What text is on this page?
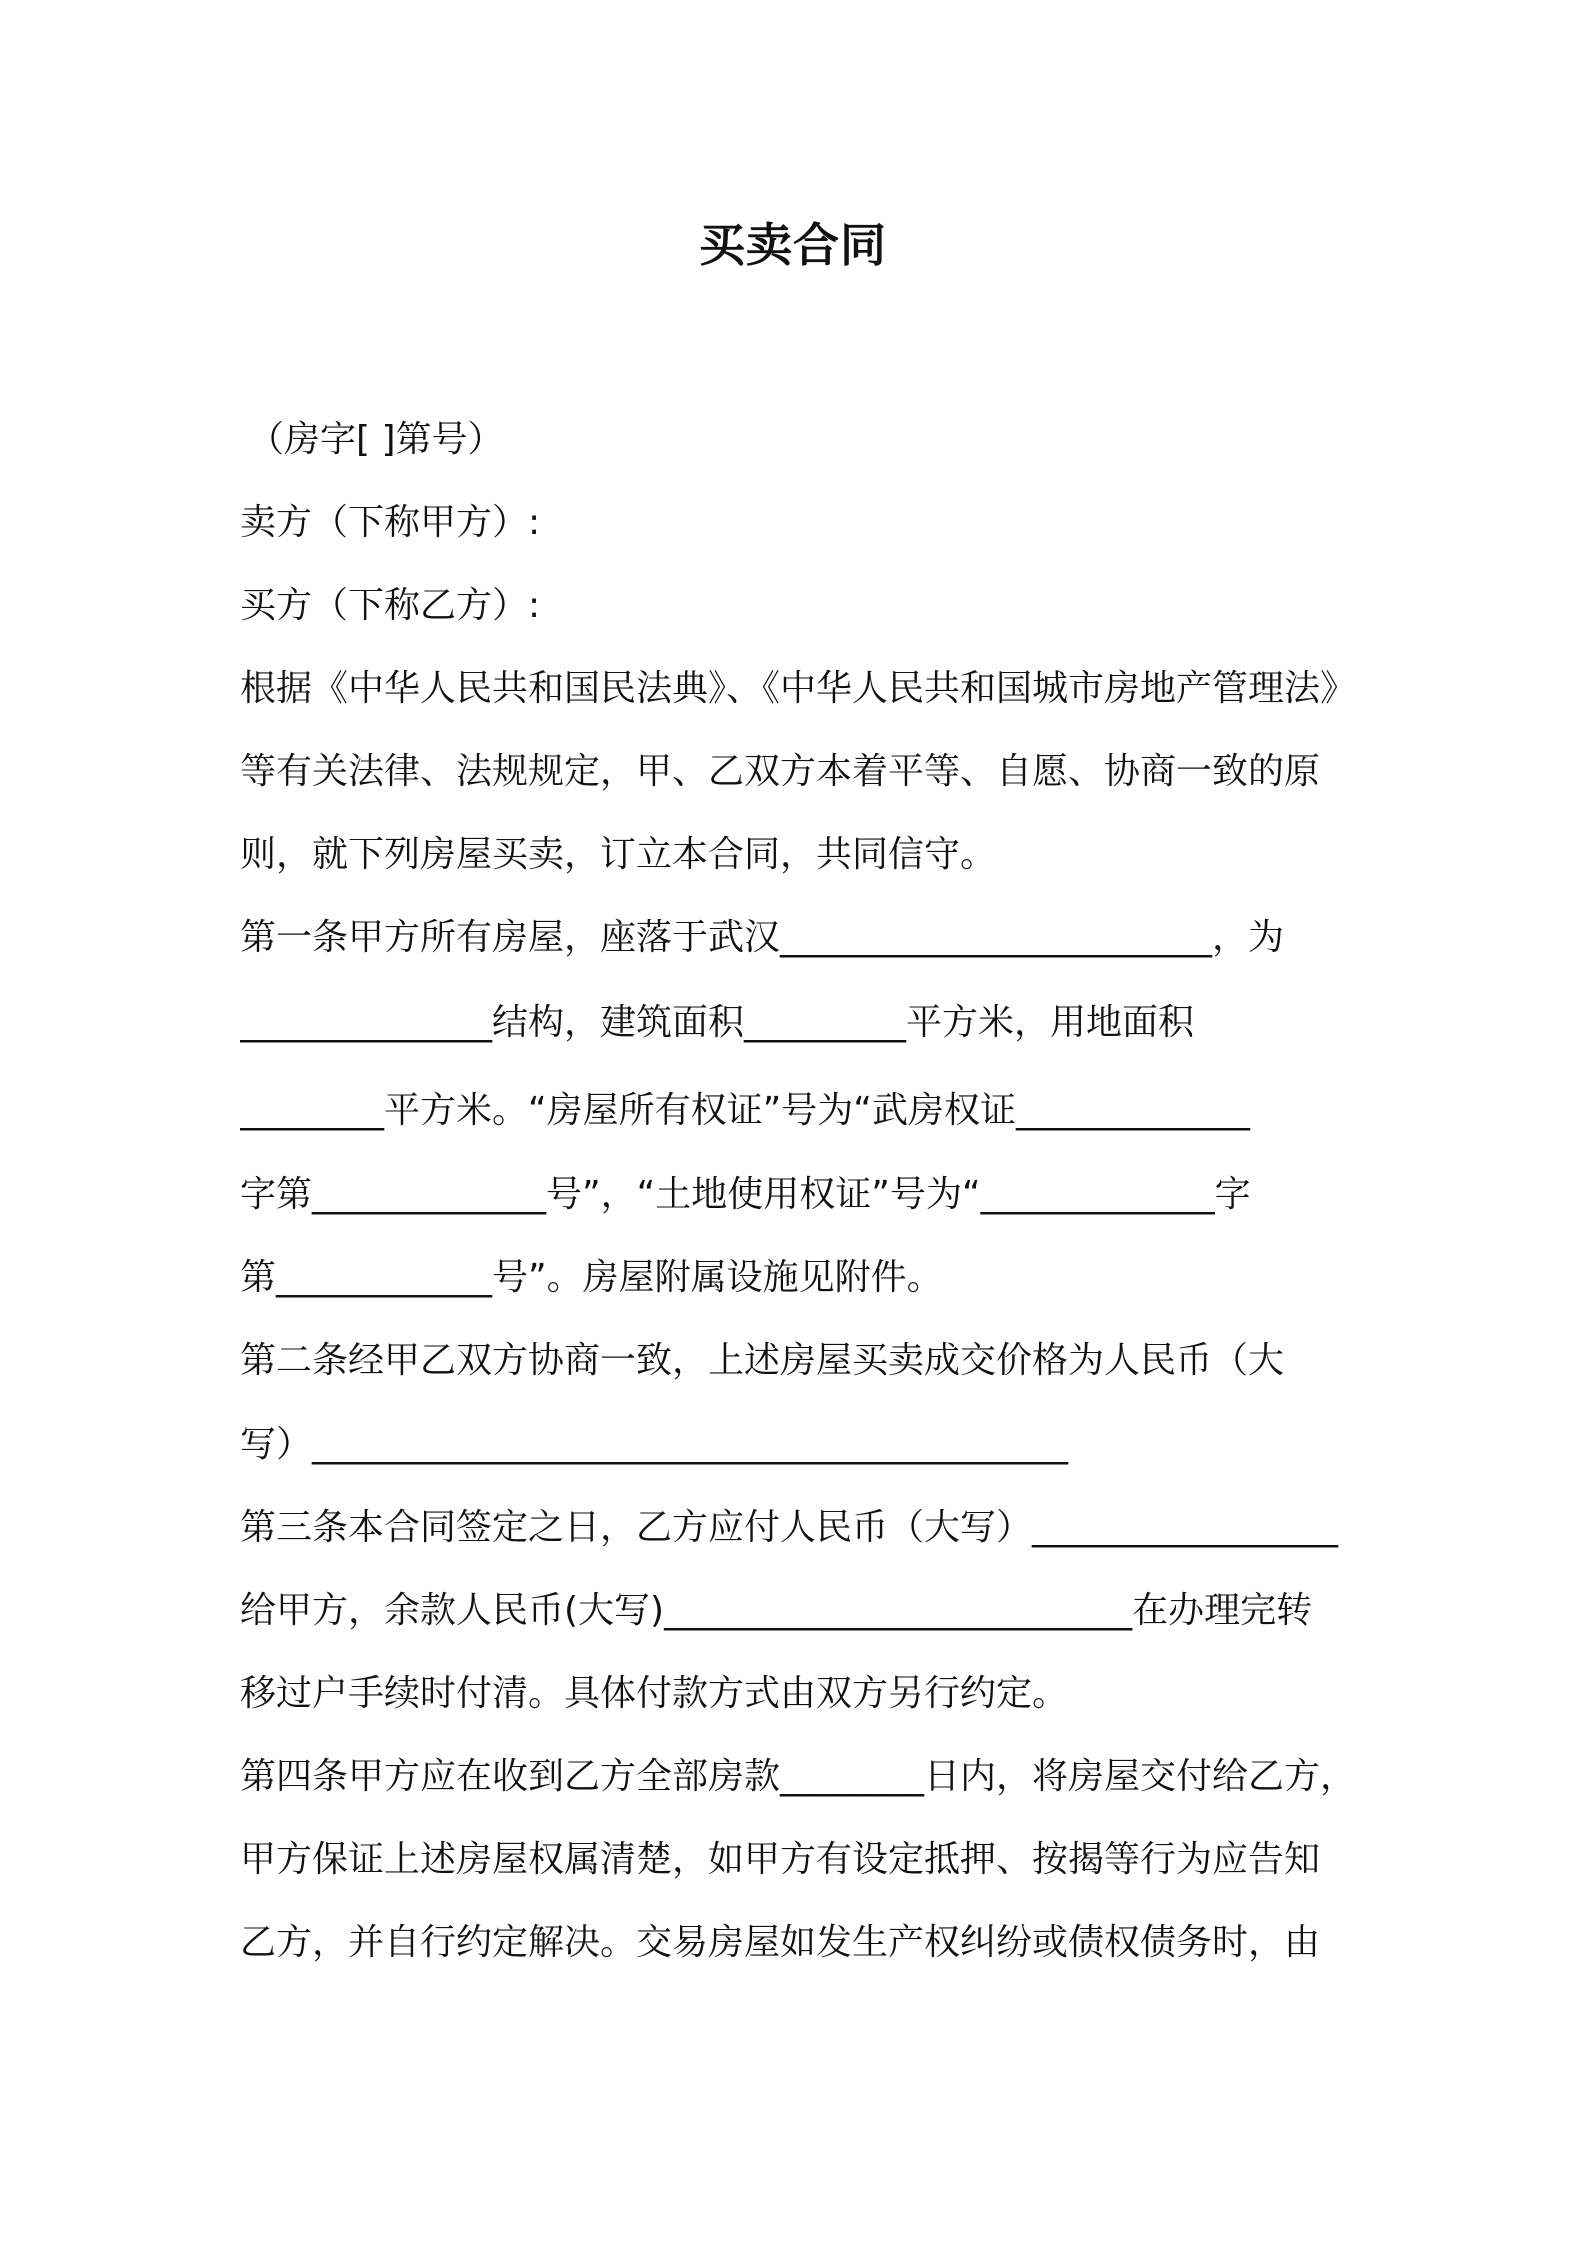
买卖合同
（房字[ ]第号）
卖方（下称甲方）:
买方（下称乙方）:
根据《中华人民共和国民法典》、《中华人民共和国城市房地产管理法》
等有关法律、法规规定，甲、乙双方本着平等、自愿、协商一致的原
则，就下列房屋买卖，订立本合同，共同信守。
第一条甲方所有房屋，座落于武汉________________________，为
______________结构，建筑面积_________平方米，用地面积
________平方米。“房屋所有权证”号为“武房权证_____________
字第_____________号”，“土地使用权证”号为“_____________字
第____________号”。房屋附属设施见附件。
第二条经甲乙双方协商一致，上述房屋买卖成交价格为人民币（大
写）__________________________________________
第三条本合同签定之日，乙方应付人民币（大写）_________________
给甲方，余款人民币(大写)__________________________在办理完转
移过户手续时付清。具体付款方式由双方另行约定。
第四条甲方应在收到乙方全部房款________日内，将房屋交付给乙方，
甲方保证上述房屋权属清楚，如甲方有设定抵押、按揭等行为应告知
乙方，并自行约定解决。交易房屋如发生产权纠纷或债权债务时，由
